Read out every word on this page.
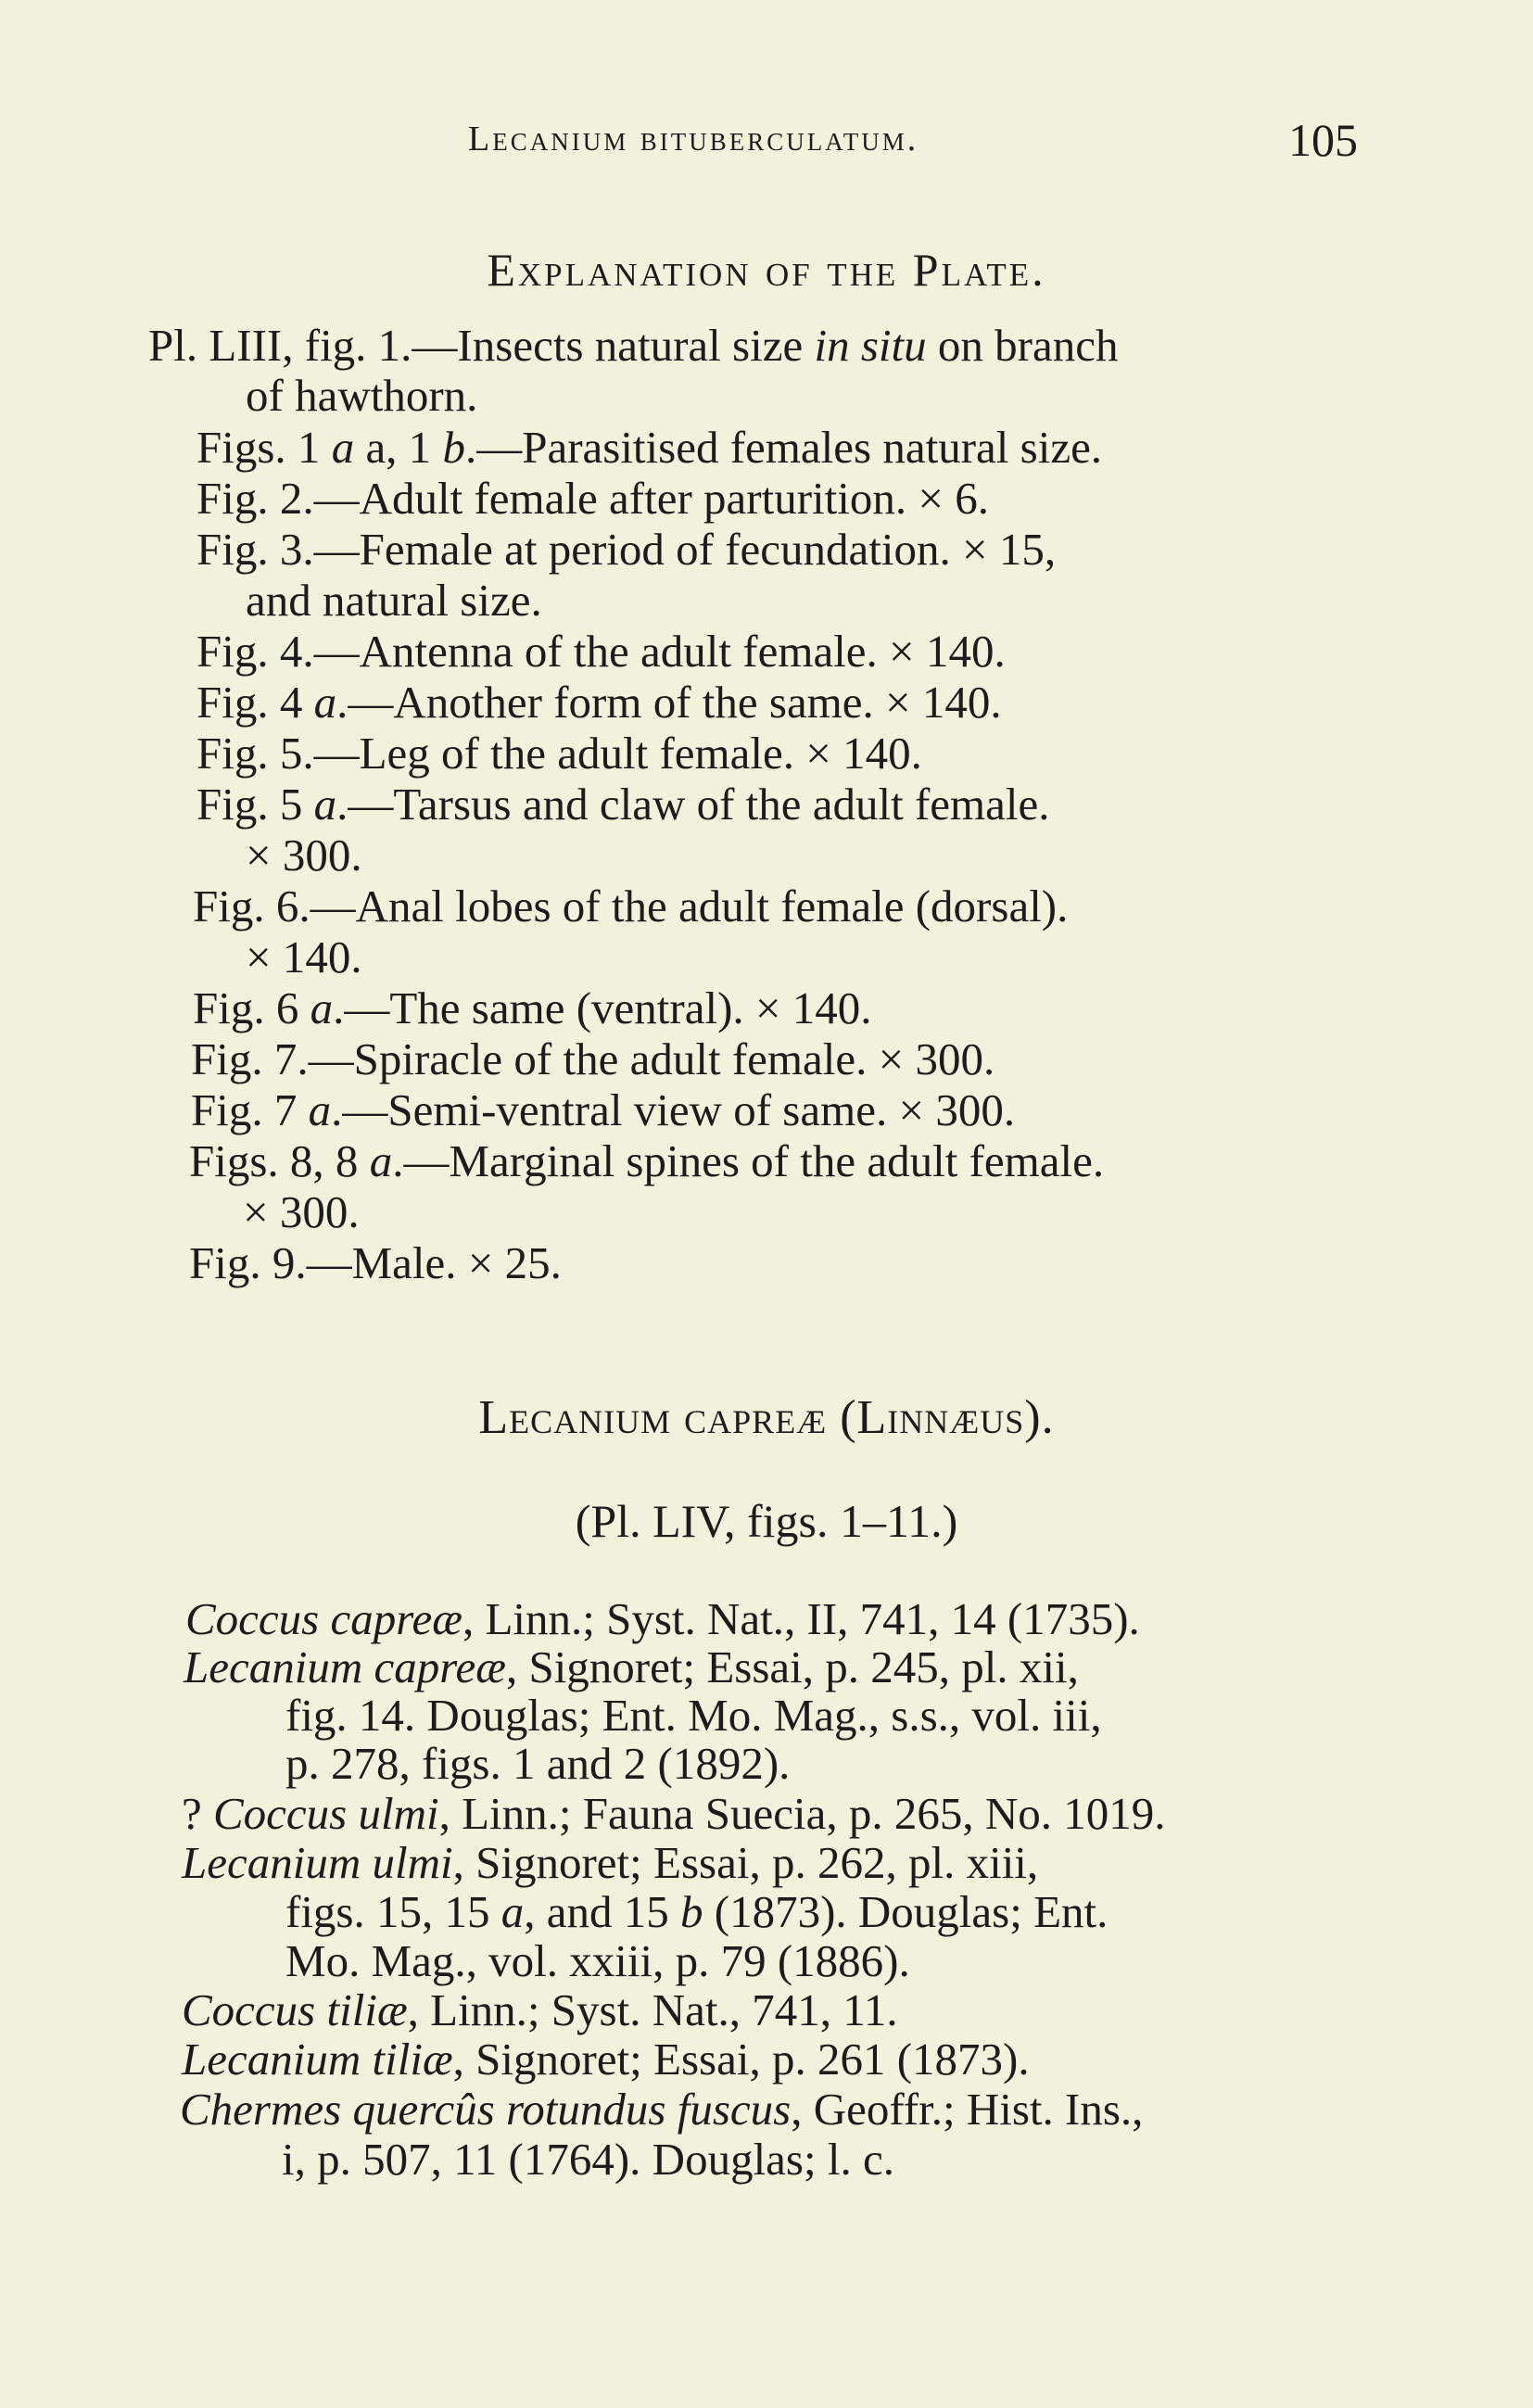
Lecanium bituberculatum.	105
Explanation of the Plate.
Pl. LIII, fig. 1.—Insects natural size in situ on branch
of hawthorn.
Figs. 1 a a, 1 b.—Parasitised females natural size.
Fig. 2.—Adult female after parturition. × 6.
Fig. 3.—Female at period of fecundation. × 15,
and natural size.
Fig. 4.—Antenna of the adult female. × 140.
Fig. 4 a.—Another form of the same. × 140.
Fig. 5.—Leg of the adult female. × 140.
Fig. 5 a.—Tarsus and claw of the adult female.
× 300.
Fig. 6.—Anal lobes of the adult female (dorsal).
× 140.
Fig. 6 a.—The same (ventral). × 140.
Fig. 7.—Spiracle of the adult female. × 300.
Fig. 7 a.—Semi-ventral view of same. × 300.
Figs. 8, 8 a.—Marginal spines of the adult female.
× 300.
Fig. 9.—Male. × 25.
Lecanium capreæ (Linnæus).
(Pl. LIV, figs. 1–11.)
Coccus capreæ, Linn.; Syst. Nat., II, 741, 14 (1735).
Lecanium capreæ, Signoret; Essai, p. 245, pl. xii,
fig. 14. Douglas; Ent. Mo. Mag., s.s., vol. iii,
p. 278, figs. 1 and 2 (1892).
? Coccus ulmi, Linn.; Fauna Suecia, p. 265, No. 1019.
Lecanium ulmi, Signoret; Essai, p. 262, pl. xiii,
figs. 15, 15 a, and 15 b (1873). Douglas; Ent.
Mo. Mag., vol. xxiii, p. 79 (1886).
Coccus tiliæ, Linn.; Syst. Nat., 741, 11.
Lecanium tiliæ, Signoret; Essai, p. 261 (1873).
Chermes quercûs rotundus fuscus, Geoffr.; Hist. Ins.,
i, p. 507, 11 (1764). Douglas; l. c.
